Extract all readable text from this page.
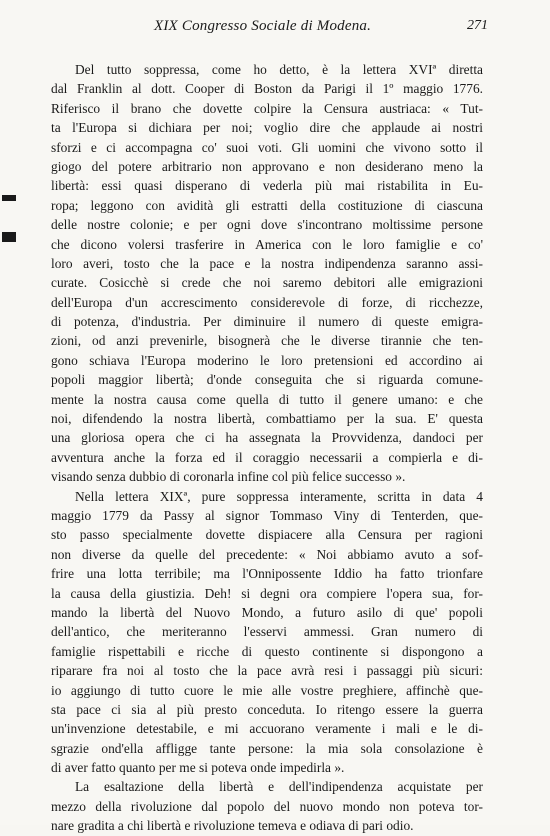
XIX Congresso Sociale di Modena.	271
Del tutto soppressa, come ho detto, è la lettera XVIª diretta
dal Franklin al dott. Cooper di Boston da Parigi il 1º maggio 1776.
Riferisco il brano che dovette colpire la Censura austriaca: « Tut-
ta l'Europa si dichiara per noi; voglio dire che applaude ai nostri
sforzi e ci accompagna co' suoi voti. Gli uomini che vivono sotto il
giogo del potere arbitrario non approvano e non desiderano meno la
libertà: essi quasi disperano di vederla più mai ristabilita in Eu-
ropa; leggono con avidità gli estratti della costituzione di ciascuna
delle nostre colonie; e per ogni dove s'incontrano moltissime persone
che dicono volersi trasferire in America con le loro famiglie e co'
loro averi, tosto che la pace e la nostra indipendenza saranno assi-
curate. Cosicchè si crede che noi saremo debitori alle emigrazioni
dell'Europa d'un accrescimento considerevole di forze, di ricchezze,
di potenza, d'industria. Per diminuire il numero di queste emigra-
zioni, od anzi prevenirle, bisognerà che le diverse tirannie che ten-
gono schiava l'Europa moderino le loro pretensioni ed accordino ai
popoli maggior libertà; d'onde conseguita che si riguarda comune-
mente la nostra causa come quella di tutto il genere umano: e che
noi, difendendo la nostra libertà, combattiamo per la sua. E' questa
una gloriosa opera che ci ha assegnata la Provvidenza, dandoci per
avventura anche la forza ed il coraggio necessarii a compierla e di-
visando senza dubbio di coronarla infine col più felice successo ».
Nella lettera XIXª, pure soppressa interamente, scritta in data 4
maggio 1779 da Passy al signor Tommaso Viny di Tenterden, que-
sto passo specialmente dovette dispiacere alla Censura per ragioni
non diverse da quelle del precedente: « Noi abbiamo avuto a sof-
frire una lotta terribile; ma l'Onnipossente Iddio ha fatto trionfare
la causa della giustizia. Deh! si degni ora compiere l'opera sua, for-
mando la libertà del Nuovo Mondo, a futuro asilo di que' popoli
dell'antico, che meriteranno l'esservi ammessi. Gran numero di
famiglie rispettabili e ricche di questo continente si dispongono a
riparare fra noi al tosto che la pace avrà resi i passaggi più sicuri:
io aggiungo di tutto cuore le mie alle vostre preghiere, affinchè que-
sta pace ci sia al più presto conceduta. Io ritengo essere la guerra
un'invenzione detestabile, e mi accuorano veramente i mali e le di-
sgrazie ond'ella affligge tante persone: la mia sola consolazione è
di aver fatto quanto per me si poteva onde impedirla ».
La esaltazione della libertà e dell'indipendenza acquistate per
mezzo della rivoluzione dal popolo del nuovo mondo non poteva tor-
nare gradita a chi libertà e rivoluzione temeva e odiava di pari odio.
